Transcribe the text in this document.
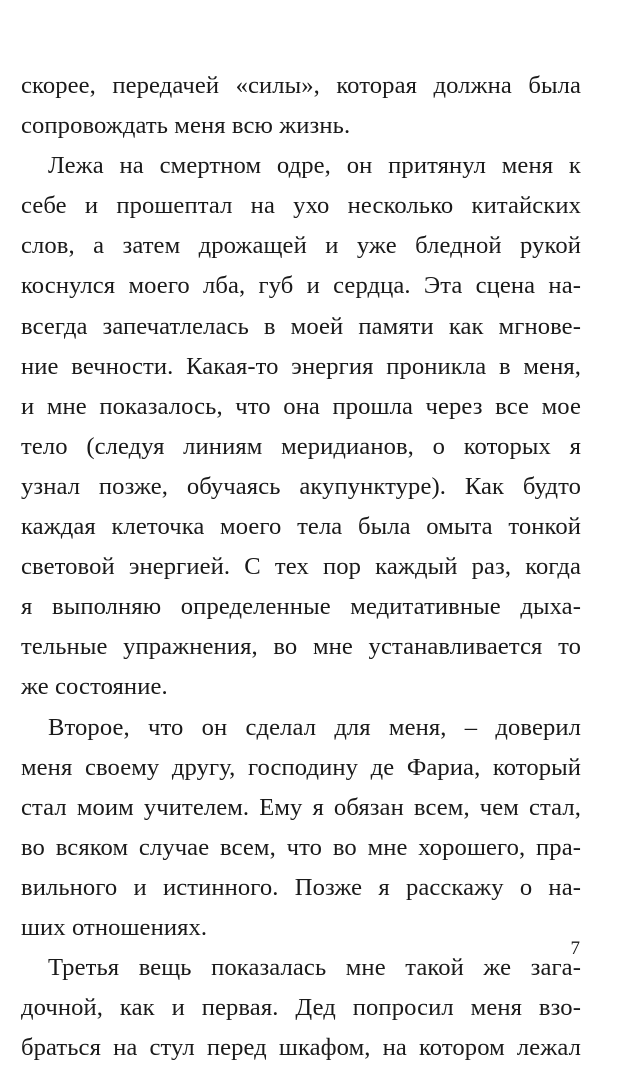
скорее, передачей «силы», которая должна была
сопровождать меня всю жизнь.
Лежа на смертном одре, он притянул меня к
себе и прошептал на ухо несколько китайских
слов, а затем дрожащей и уже бледной рукой
коснулся моего лба, губ и сердца. Эта сцена на-
всегда запечатлелась в моей памяти как мгнове-
ние вечности. Какая-то энергия проникла в меня,
и мне показалось, что она прошла через все мое
тело (следуя линиям меридианов, о которых я
узнал позже, обучаясь акупунктуре). Как будто
каждая клеточка моего тела была омыта тонкой
световой энергией. С тех пор каждый раз, когда
я выполняю определенные медитативные дыха-
тельные упражнения, во мне устанавливается то
же состояние.
Второе, что он сделал для меня, – доверил
меня своему другу, господину де Фариа, который
стал моим учителем. Ему я обязан всем, чем стал,
во всяком случае всем, что во мне хорошего, пра-
вильного и истинного. Позже я расскажу о на-
ших отношениях.
Третья вещь показалась мне такой же зага-
дочной, как и первая. Дед попросил меня взо-
браться на стул перед шкафом, на котором лежал
7
